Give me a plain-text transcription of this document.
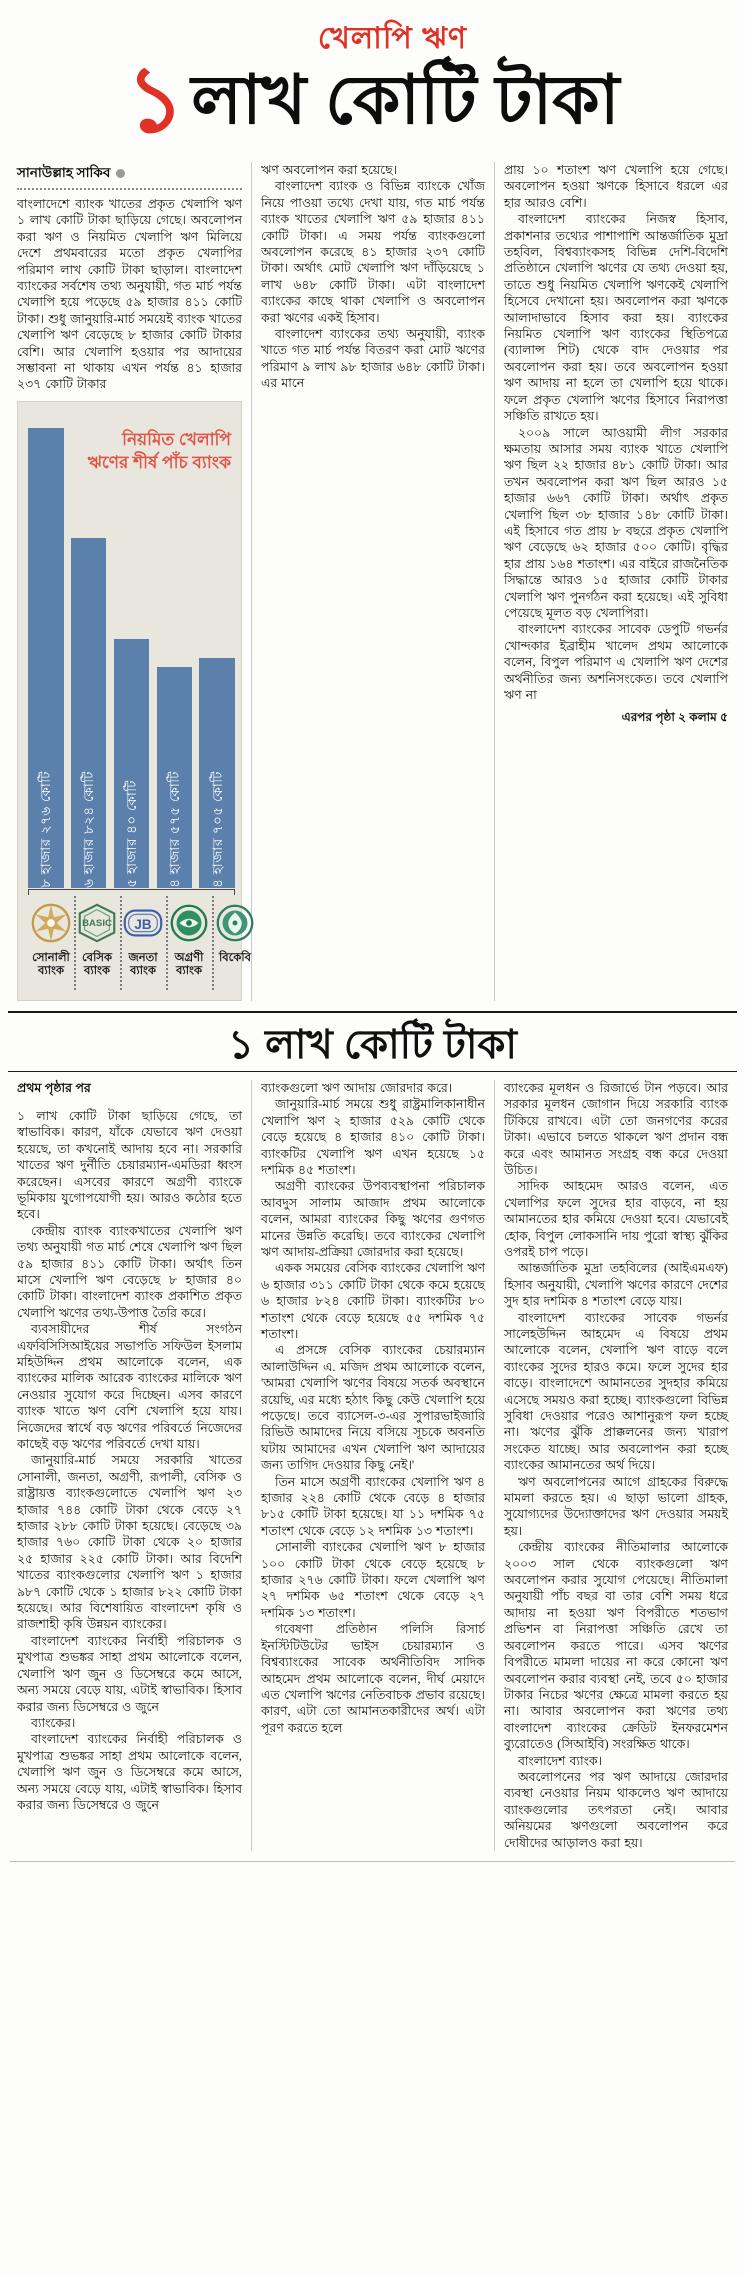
খেলাপি ঋণ
১লাখ কোটি টাকা
সানাউল্লাহ সাকিব

বাংলাদেশে ব্যাংক খাতের প্রকৃত খেলাপি ঋণ ১ লাখ কোটি টাকা ছাড়িয়ে গেছে। অবলোপন করা ঋণ ও নিয়মিত খেলাপি ঋণ মিলিয়ে দেশে প্রথমবারের মতো প্রকৃত খেলাপির পরিমাণ লাখ কোটি টাকা ছাড়াল। বাংলাদেশ ব্যাংকের সর্বশেষ তথ্য অনুযায়ী, গত মার্চ পর্যন্ত খেলাপি হয়ে পড়েছে ৫৯ হাজার ৪১১ কোটি টাকা। শুধু জানুয়ারি-মার্চ সময়েই ব্যাংক খাতের খেলাপি ঋণ বেড়েছে ৮ হাজার কোটি টাকার বেশি। আর খেলাপি হওয়ার পর আদায়ের সম্ভাবনা না থাকায় এখন পর্যন্ত ৪১ হাজার ২৩৭ কোটি টাকার

নিয়মিত খেলাপি ঋণের শীর্ষ পাঁচ ব্যাংক
৮ হাজার ২৭৬ কোটি ৬ হাজার ৮২৪ কোটি ৫ হাজার ৪০ কোটি ৪ হাজার ৫৭৫ কোটি ৪ হাজার ৭০৫ কোটি
সোনালী ব্যাংক
BASIC
বেসিক ব্যাংক
JB
জনতা ব্যাংক
অগ্রণী ব্যাংক
বিকেবি

ঋণ অবলোপন করা হয়েছে।

বাংলাদেশ ব্যাংক ও বিভিন্ন ব্যাংকে খোঁজ নিয়ে পাওয়া তথ্যে দেখা যায়, গত মার্চ পর্যন্ত ব্যাংক খাতের খেলাপি ঋণ ৫৯ হাজার ৪১১ কোটি টাকা। এ সময় পর্যন্ত ব্যাংকগুলো অবলোপন করেছে ৪১ হাজার ২৩৭ কোটি টাকা। অর্থাৎ মোট খেলাপি ঋণ দাঁড়িয়েছে ১ লাখ ৬৪৮ কোটি টাকা। এটা বাংলাদেশ ব্যাংকের কাছে থাকা খেলাপি ও অবলোপন করা ঋণের একই হিসাব।

বাংলাদেশ ব্যাংকের তথ্য অনুযায়ী, ব্যাংক খাতে গত মার্চ পর্যন্ত বিতরণ করা মোট ঋণের পরিমাণ ৯ লাখ ৯৮ হাজার ৬৪৮ কোটি টাকা। এর মানে

প্রায় ১০ শতাংশ ঋণ খেলাপি হয়ে গেছে। অবলোপন হওয়া ঋণকে হিসাবে ধরলে এর হার আরও বেশি।

বাংলাদেশ ব্যাংকের নিজস্ব হিসাব, প্রকাশনার তথ্যের পাশাপাশি আন্তর্জাতিক মুদ্রা তহবিল, বিশ্বব্যাংকসহ বিভিন্ন দেশি-বিদেশি প্রতিষ্ঠানে খেলাপি ঋণের যে তথ্য দেওয়া হয়, তাতে শুধু নিয়মিত খেলাপি ঋণকেই খেলাপি হিসেবে দেখানো হয়। অবলোপন করা ঋণকে আলাদাভাবে হিসাব করা হয়। ব্যাংকের নিয়মিত খেলাপি ঋণ ব্যাংকের স্থিতিপত্রে (ব্যালান্স শিট) থেকে বাদ দেওয়ার পর অবলোপন করা হয়। তবে অবলোপন হওয়া ঋণ আদায় না হলে তা খেলাপি হয়ে থাকে। ফলে প্রকৃত খেলাপি ঋণের হিসাবে নিরাপত্তা সঞ্চিতি রাখতে হয়।

২০০৯ সালে আওয়ামী লীগ সরকার ক্ষমতায় আসার সময় ব্যাংক খাতে খেলাপি ঋণ ছিল ২২ হাজার ৪৮১ কোটি টাকা। আর তখন অবলোপন করা ঋণ ছিল আরও ১৫ হাজার ৬৬৭ কোটি টাকা। অর্থাৎ প্রকৃত খেলাপি ছিল ৩৮ হাজার ১৪৮ কোটি টাকা। এই হিসাবে গত প্রায় ৮ বছরে প্রকৃত খেলাপি ঋণ বেড়েছে ৬২ হাজার ৫০০ কোটি। বৃদ্ধির হার প্রায় ১৬৪ শতাংশ। এর বাইরে রাজনৈতিক সিদ্ধান্তে আরও ১৫ হাজার কোটি টাকার খেলাপি ঋণ পুনর্গঠন করা হয়েছে। এই সুবিধা পেয়েছে মূলত বড় খেলাপিরা।

বাংলাদেশ ব্যাংকের সাবেক ডেপুটি গভর্নর খোন্দকার ইব্রাহীম খালেদ প্রথম আলোকে বলেন, বিপুল পরিমাণ এ খেলাপি ঋণ দেশের অর্থনীতির জন্য অশনিসংকেত। তবে খেলাপি ঋণ না

এরপর পৃষ্ঠা ২ কলাম ৫
১ লাখ কোটি টাকা
প্রথম পৃষ্ঠার পর

১ লাখ কোটি টাকা ছাড়িয়ে গেছে, তা স্বাভাবিক। কারণ, যাঁকে যেভাবে ঋণ দেওয়া হয়েছে, তা কখনোই আদায় হবে না। সরকারি খাতের ঋণ দুর্নীতি চেয়ারম্যান-এমডিরা ধ্বংস করেছেন। এসবের কারণে অগ্রণী ব্যাংকে ভূমিকায় যুগোপযোগী হয়। আরও কঠোর হতে হবে।

কেন্দ্রীয় ব্যাংক ব্যাংকখাতের খেলাপি ঋণ তথ্য অনুযায়ী গত মার্চ শেষে খেলাপি ঋণ ছিল ৫৯ হাজার ৪১১ কোটি টাকা। অর্থাৎ তিন মাসে খেলাপি ঋণ বেড়েছে ৮ হাজার ৪০ কোটি টাকা। বাংলাদেশ ব্যাংক প্রকাশিত প্রকৃত খেলাপি ঋণের তথ্য-উপাত্ত তৈরি করে।

ব্যবসায়ীদের শীর্ষ সংগঠন এফবিসিসিআইয়ের সভাপতি সফিউল ইসলাম মহিউদ্দিন প্রথম আলোকে বলেন, এক ব্যাংকের মালিক আরেক ব্যাংকের মালিকে ঋণ নেওয়ার সুযোগ করে দিচ্ছেন। এসব কারণে ব্যাংক খাতে ঋণ বেশি খেলাপি হয়ে যায়। নিজেদের স্বার্থে বড় ঋণের পরিবর্তে নিজেদের কাছেই বড় ঋণের পরিবর্তে দেখা যায়।

জানুয়ারি-মার্চ সময়ে সরকারি খাতের সোনালী, জনতা, অগ্রণী, রূপালী, বেসিক ও রাষ্ট্রায়ত্ত ব্যাংকগুলোতে খেলাপি ঋণ ২৩ হাজার ৭৪৪ কোটি টাকা থেকে বেড়ে ২৭ হাজার ২৮৮ কোটি টাকা হয়েছে। বেড়েছে ৩৯ হাজার ৭৬০ কোটি টাকা থেকে ২০ হাজার ২৫ হাজার ২২৫ কোটি টাকা। আর বিদেশি খাতের ব্যাংকগুলোর খেলাপি ঋণ ১ হাজার ৯৮৭ কোটি থেকে ১ হাজার ৮২২ কোটি টাকা হয়েছে। আর বিশেষায়িত বাংলাদেশ কৃষি ও রাজশাহী কৃষি উন্নয়ন ব্যাংকের।

বাংলাদেশ ব্যাংকের নির্বাহী পরিচালক ও মুখপাত্র শুভঙ্কর সাহা প্রথম আলোকে বলেন, খেলাপি ঋণ জুন ও ডিসেম্বরে কমে আসে, অন্য সময়ে বেড়ে যায়, এটাই স্বাভাবিক। হিসাব করার জন্য ডিসেম্বরে ও জুনে

ব্যাংকের।

বাংলাদেশ ব্যাংকের নির্বাহী পরিচালক ও মুখপাত্র শুভঙ্কর সাহা প্রথম আলোকে বলেন, খেলাপি ঋণ জুন ও ডিসেম্বরে কমে আসে, অন্য সময়ে বেড়ে যায়, এটাই স্বাভাবিক। হিসাব করার জন্য ডিসেম্বরে ও জুনে

ব্যাংকগুলো ঋণ আদায় জোরদার করে।

জানুয়ারি-মার্চ সময়ে শুধু রাষ্ট্রমালিকানাধীন খেলাপি ঋণ ২ হাজার ৫২৯ কোটি থেকে বেড়ে হয়েছে ৪ হাজার ৪১০ কোটি টাকা। ব্যাংকটির খেলাপি ঋণ এখন হয়েছে ১৫ দশমিক ৪৫ শতাংশ।

অগ্রণী ব্যাংকের উপব্যবস্থাপনা পরিচালক আবদুস সালাম আজাদ প্রথম আলোকে বলেন, আমরা ব্যাংকের কিছু ঋণের গুণগত মানের উন্নতি করেছি। তবে ব্যাংকের খেলাপি ঋণ আদায়-প্রক্রিয়া জোরদার করা হয়েছে।

একক সময়ের বেসিক ব্যাংকের খেলাপি ঋণ ৬ হাজার ৩১১ কোটি টাকা থেকে কমে হয়েছে ৬ হাজার ৮২৪ কোটি টাকা। ব্যাংকটির ৮০ শতাংশ থেকে বেড়ে হয়েছে ৫৫ দশমিক ৭৫ শতাংশ।

এ প্রসঙ্গে বেসিক ব্যাংকের চেয়ারম্যান আলাউদ্দিন এ. মজিদ প্রথম আলোকে বলেন, 'আমরা খেলাপি ঋণের বিষয়ে সতর্ক অবস্থানে রয়েছি, এর মধ্যে হঠাৎ কিছু কেউ খেলাপি হয়ে পড়েছে। তবে ব্যাসেল-৩-এর সুপারভাইজারি রিভিউ আমাদের নিয়ে বসিয়ে সূচকে অবনতি ঘটায় আমাদের এখন খেলাপি ঋণ আদায়ের জন্য তাগিদ দেওয়ার কিছু নেই।'

তিন মাসে অগ্রণী ব্যাংকের খেলাপি ঋণ ৪ হাজার ২২৪ কোটি থেকে বেড়ে ৪ হাজার ৮১৫ কোটি টাকা হয়েছে। যা ১১ দশমিক ৭৫ শতাংশ থেকে বেড়ে ১২ দশমিক ১৩ শতাংশ।

সোনালী ব্যাংকের খেলাপি ঋণ ৮ হাজার ১০০ কোটি টাকা থেকে বেড়ে হয়েছে ৮ হাজার ২৭৬ কোটি টাকা। ফলে খেলাপি ঋণ ২৭ দশমিক ৬৫ শতাংশ থেকে বেড়ে ২৭ দশমিক ১৩ শতাংশ।

গবেষণা প্রতিষ্ঠান পলিসি রিসার্চ ইনস্টিটিউটের ভাইস চেয়ারম্যান ও বিশ্বব্যাংকের সাবেক অর্থনীতিবিদ সাদিক আহমেদ প্রথম আলোকে বলেন, দীর্ঘ মেয়াদে এত খেলাপি ঋণের নেতিবাচক প্রভাব রয়েছে। কারণ, এটা তো আমানতকারীদের অর্থ। এটা পূরণ করতে হলে

ব্যাংকের মূলধন ও রিজার্ভে টান পড়বে। আর সরকার মূলধন জোগান দিয়ে সরকারি ব্যাংক টিকিয়ে রাখবে। এটা তো জনগণের করের টাকা। এভাবে চলতে থাকলে ঋণ প্রদান বন্ধ করে এবং আমানত সংগ্রহ বন্ধ করে দেওয়া উচিত।

সাদিক আহমেদ আরও বলেন, এত খেলাপির ফলে সুদের হার বাড়বে, না হয় আমানতের হার কমিয়ে দেওয়া হবে। যেভাবেই হোক, বিপুল লোকসানি দায় পুরো স্বাস্থ্য ঝুঁকির ওপরই চাপ পড়ে।

আন্তর্জাতিক মুদ্রা তহবিলের (আইএমএফ) হিসাব অনুযায়ী, খেলাপি ঋণের কারণে দেশের সুদ হার দশমিক ৪ শতাংশ বেড়ে যায়।

বাংলাদেশ ব্যাংকের সাবেক গভর্নর সালেহউদ্দিন আহমেদ এ বিষয়ে প্রথম আলোকে বলেন, খেলাপি ঋণ বাড়ে বলে ব্যাংকের সুদের হারও কমে। ফলে সুদের হার বাড়ে। বাংলাদেশে আমানতের সুদহার কমিয়ে এসেছে সময়ও করা হচ্ছে। ব্যাংকগুলো বিভিন্ন সুবিধা দেওয়ার পরেও আশানুরূপ ফল হচ্ছে না। ঋণের ঝুঁকি প্রাক্কলনের জন্য খারাপ সংকেত যাচ্ছে। আর অবলোপন করা হচ্ছে ব্যাংকের আমানতের অর্থ দিয়ে।

ঋণ অবলোপনের আগে গ্রাহকের বিরুদ্ধে মামলা করতে হয়। এ ছাড়া ভালো গ্রাহক, সুযোগ্যদের উদ্যোক্তাদের ঋণ দেওয়ার সময়ই হয়।

কেন্দ্রীয় ব্যাংকের নীতিমালার আলোকে ২০০৩ সাল থেকে ব্যাংকগুলো ঋণ অবলোপন করার সুযোগ পেয়েছে। নীতিমালা অনুযায়ী পাঁচ বছর বা তার বেশি সময় ধরে আদায় না হওয়া ঋণ বিপরীতে শতভাগ প্রভিশন বা নিরাপত্তা সঞ্চিতি রেখে তা অবলোপন করতে পারে। এসব ঋণের বিপরীতে মামলা দায়ের না করে কোনো ঋণ অবলোপন করার ব্যবস্থা নেই, তবে ৫০ হাজার টাকার নিচের ঋণের ক্ষেত্রে মামলা করতে হয় না। আবার অবলোপন করা ঋণের তথ্য বাংলাদেশ ব্যাংকের ক্রেডিট ইনফরমেশন ব্যুরোতেও (সিআইবি) সংরক্ষিত থাকে।

বাংলাদেশ ব্যাংক।

অবলোপনের পর ঋণ আদায়ে জোরদার ব্যবস্থা নেওয়ার নিয়ম থাকলেও ঋণ আদায়ে ব্যাংকগুলোর তৎপরতা নেই। আবার অনিয়মের ঋণগুলো অবলোপন করে দোষীদের আড়ালও করা হয়।
